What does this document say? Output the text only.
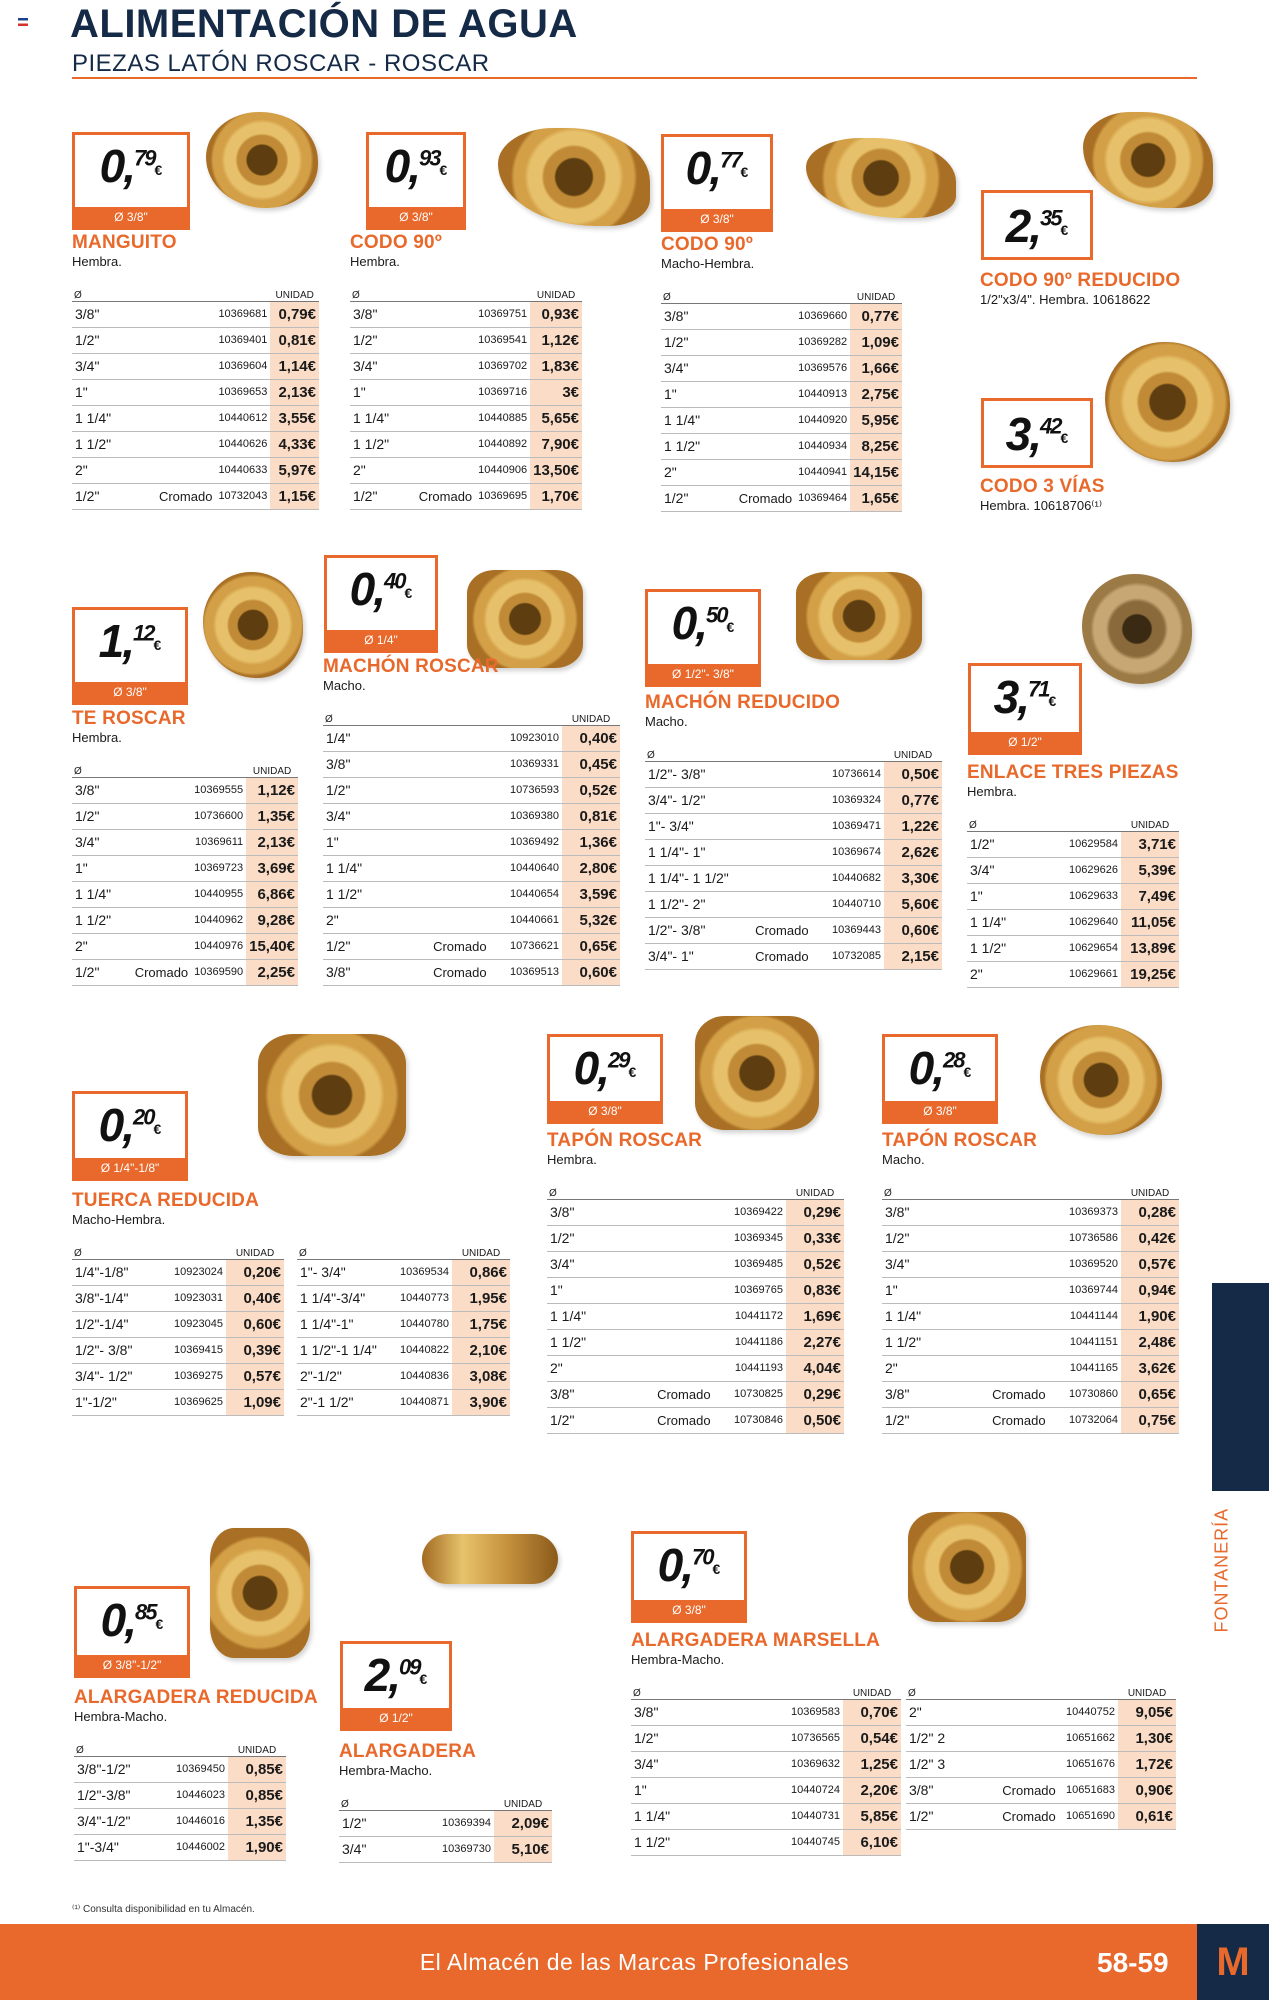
ALIMENTACIÓN DE AGUA
PIEZAS LATÓN ROSCAR - ROSCAR
0,79€
Ø 3/8"
MANGUITO
Hembra.
Ø			UNIDAD
3/8"		10369681	0,79€
1/2"		10369401	0,81€
3/4"		10369604	1,14€
1"		10369653	2,13€
1 1/4"		10440612	3,55€
1 1/2"		10440626	4,33€
2"		10440633	5,97€
1/2"	Cromado	10732043	1,15€
0,93€
Ø 3/8"
CODO 90º
Hembra.
Ø			UNIDAD
3/8"		10369751	0,93€
1/2"		10369541	1,12€
3/4"		10369702	1,83€
1"		10369716	3€
1 1/4"		10440885	5,65€
1 1/2"		10440892	7,90€
2"		10440906	13,50€
1/2"	Cromado	10369695	1,70€
0,77€
Ø 3/8"
CODO 90º
Macho-Hembra.
Ø			UNIDAD
3/8"		10369660	0,77€
1/2"		10369282	1,09€
3/4"		10369576	1,66€
1"		10440913	2,75€
1 1/4"		10440920	5,95€
1 1/2"		10440934	8,25€
2"		10440941	14,15€
1/2"	Cromado	10369464	1,65€
2,35€
CODO 90º REDUCIDO
1/2"x3/4". Hembra. 10618622
3,42€
CODO 3 VÍAS
Hembra. 10618706⁽¹⁾
1,12€
Ø 3/8"
TE ROSCAR
Hembra.
Ø			UNIDAD
3/8"		10369555	1,12€
1/2"		10736600	1,35€
3/4"		10369611	2,13€
1"		10369723	3,69€
1 1/4"		10440955	6,86€
1 1/2"		10440962	9,28€
2"		10440976	15,40€
1/2"	Cromado	10369590	2,25€
0,40€
Ø 1/4"
MACHÓN ROSCAR
Macho.
Ø			UNIDAD
1/4"		10923010	0,40€
3/8"		10369331	0,45€
1/2"		10736593	0,52€
3/4"		10369380	0,81€
1"		10369492	1,36€
1 1/4"		10440640	2,80€
1 1/2"		10440654	3,59€
2"		10440661	5,32€
1/2"	Cromado	10736621	0,65€
3/8"	Cromado	10369513	0,60€
0,50€
Ø 1/2"- 3/8"
MACHÓN REDUCIDO
Macho.
Ø			UNIDAD
1/2"- 3/8"		10736614	0,50€
3/4"- 1/2"		10369324	0,77€
1"- 3/4"		10369471	1,22€
1 1/4"- 1"		10369674	2,62€
1 1/4"- 1 1/2"		10440682	3,30€
1 1/2"- 2"		10440710	5,60€
1/2"- 3/8"	Cromado	10369443	0,60€
3/4"- 1"	Cromado	10732085	2,15€
3,71€
Ø 1/2"
ENLACE TRES PIEZAS
Hembra.
Ø			UNIDAD
1/2"		10629584	3,71€
3/4"		10629626	5,39€
1"		10629633	7,49€
1 1/4"		10629640	11,05€
1 1/2"		10629654	13,89€
2"		10629661	19,25€
0,20€
Ø 1/4"-1/8"
TUERCA REDUCIDA
Macho-Hembra.
Ø		UNIDAD
1/4"-1/8"	10923024	0,20€
3/8"-1/4"	10923031	0,40€
1/2"-1/4"	10923045	0,60€
1/2"- 3/8"	10369415	0,39€
3/4"- 1/2"	10369275	0,57€
1"-1/2"	10369625	1,09€
Ø		UNIDAD
1"- 3/4"	10369534	0,86€
1 1/4"-3/4"	10440773	1,95€
1 1/4"-1"	10440780	1,75€
1 1/2"-1 1/4"	10440822	2,10€
2"-1/2"	10440836	3,08€
2"-1 1/2"	10440871	3,90€
0,29€
Ø 3/8"
TAPÓN ROSCAR
Hembra.
Ø			UNIDAD
3/8"		10369422	0,29€
1/2"		10369345	0,33€
3/4"		10369485	0,52€
1"		10369765	0,83€
1 1/4"		10441172	1,69€
1 1/2"		10441186	2,27€
2"		10441193	4,04€
3/8"	Cromado	10730825	0,29€
1/2"	Cromado	10730846	0,50€
0,28€
Ø 3/8"
TAPÓN ROSCAR
Macho.
Ø			UNIDAD
3/8"		10369373	0,28€
1/2"		10736586	0,42€
3/4"		10369520	0,57€
1"		10369744	0,94€
1 1/4"		10441144	1,90€
1 1/2"		10441151	2,48€
2"		10441165	3,62€
3/8"	Cromado	10730860	0,65€
1/2"	Cromado	10732064	0,75€
0,85€
Ø 3/8"-1/2"
ALARGADERA REDUCIDA
Hembra-Macho.
Ø			UNIDAD
3/8"-1/2"		10369450	0,85€
1/2"-3/8"		10446023	0,85€
3/4"-1/2"		10446016	1,35€
1"-3/4"		10446002	1,90€
2,09€
Ø 1/2"
ALARGADERA
Hembra-Macho.
Ø			UNIDAD
1/2"		10369394	2,09€
3/4"		10369730	5,10€
0,70€
Ø 3/8"
ALARGADERA MARSELLA
Hembra-Macho.
Ø			UNIDAD
3/8"		10369583	0,70€
1/2"		10736565	0,54€
3/4"		10369632	1,25€
1"		10440724	2,20€
1 1/4"		10440731	5,85€
1 1/2"		10440745	6,10€
Ø			UNIDAD
2"		10440752	9,05€
1/2" 2		10651662	1,30€
1/2" 3		10651676	1,72€
3/8"	Cromado	10651683	0,90€
1/2"	Cromado	10651690	0,61€
⁽¹⁾ Consulta disponibilidad en tu Almacén.
FONTANERÍA
El Almacén de las Marcas Profesionales	58-59	M
